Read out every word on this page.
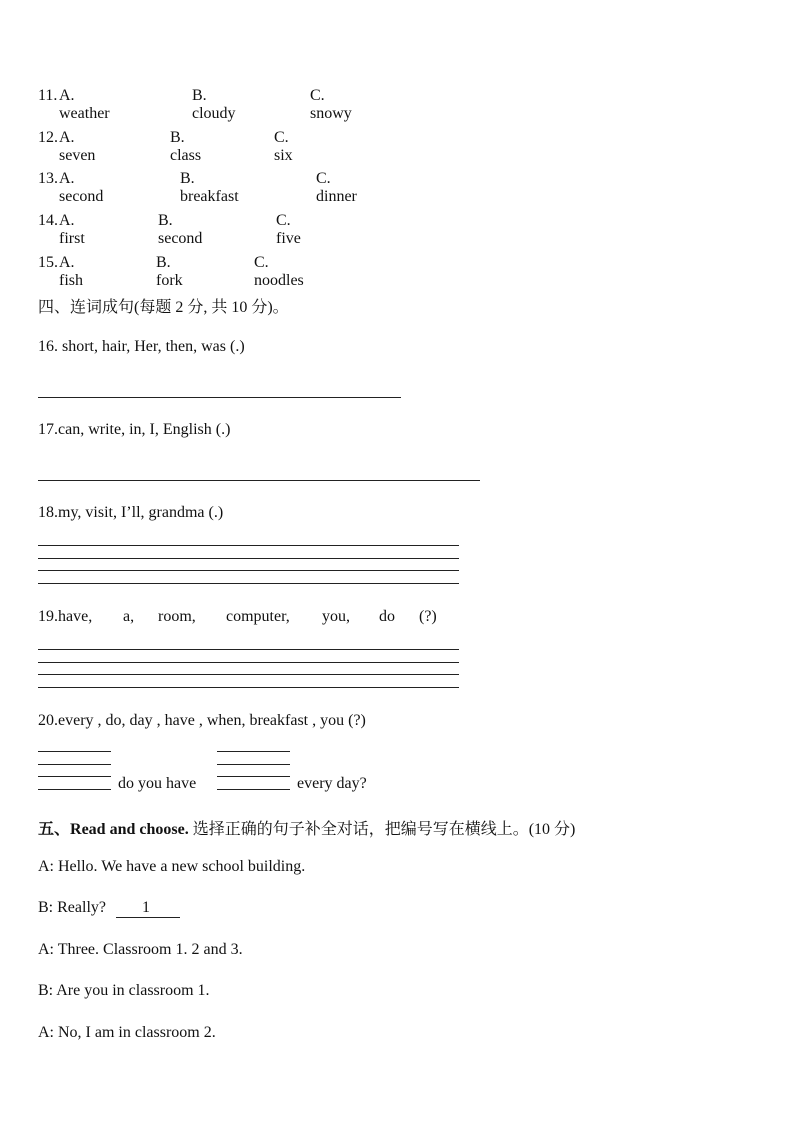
11. A. weather
B. cloudy
C. snowy
12. A. seven
B. class
C. six
13. A. second
B. breakfast
C. dinner
14. A. first
B. second
C. five
15. A. fish
B. fork
C. noodles
四、连词成句(每题 2 分, 共 10 分)。
16. short, hair, Her, then, was (.)
17.can, write, in, I, English (.)
18.my, visit, I’ll, grandma (.)
19.have, a, room, computer, you, do (?)
20.every , do, day , have , when, breakfast , you (?)
do you have	every day?
五、Read and choose. 选择正确的句子补全对话，把编号写在横线上。(10 分)
A: Hello. We have a new school building.
B: Really? 1
A: Three. Classroom 1. 2 and 3.
B: Are you in classroom 1.
A: No, I am in classroom 2.
